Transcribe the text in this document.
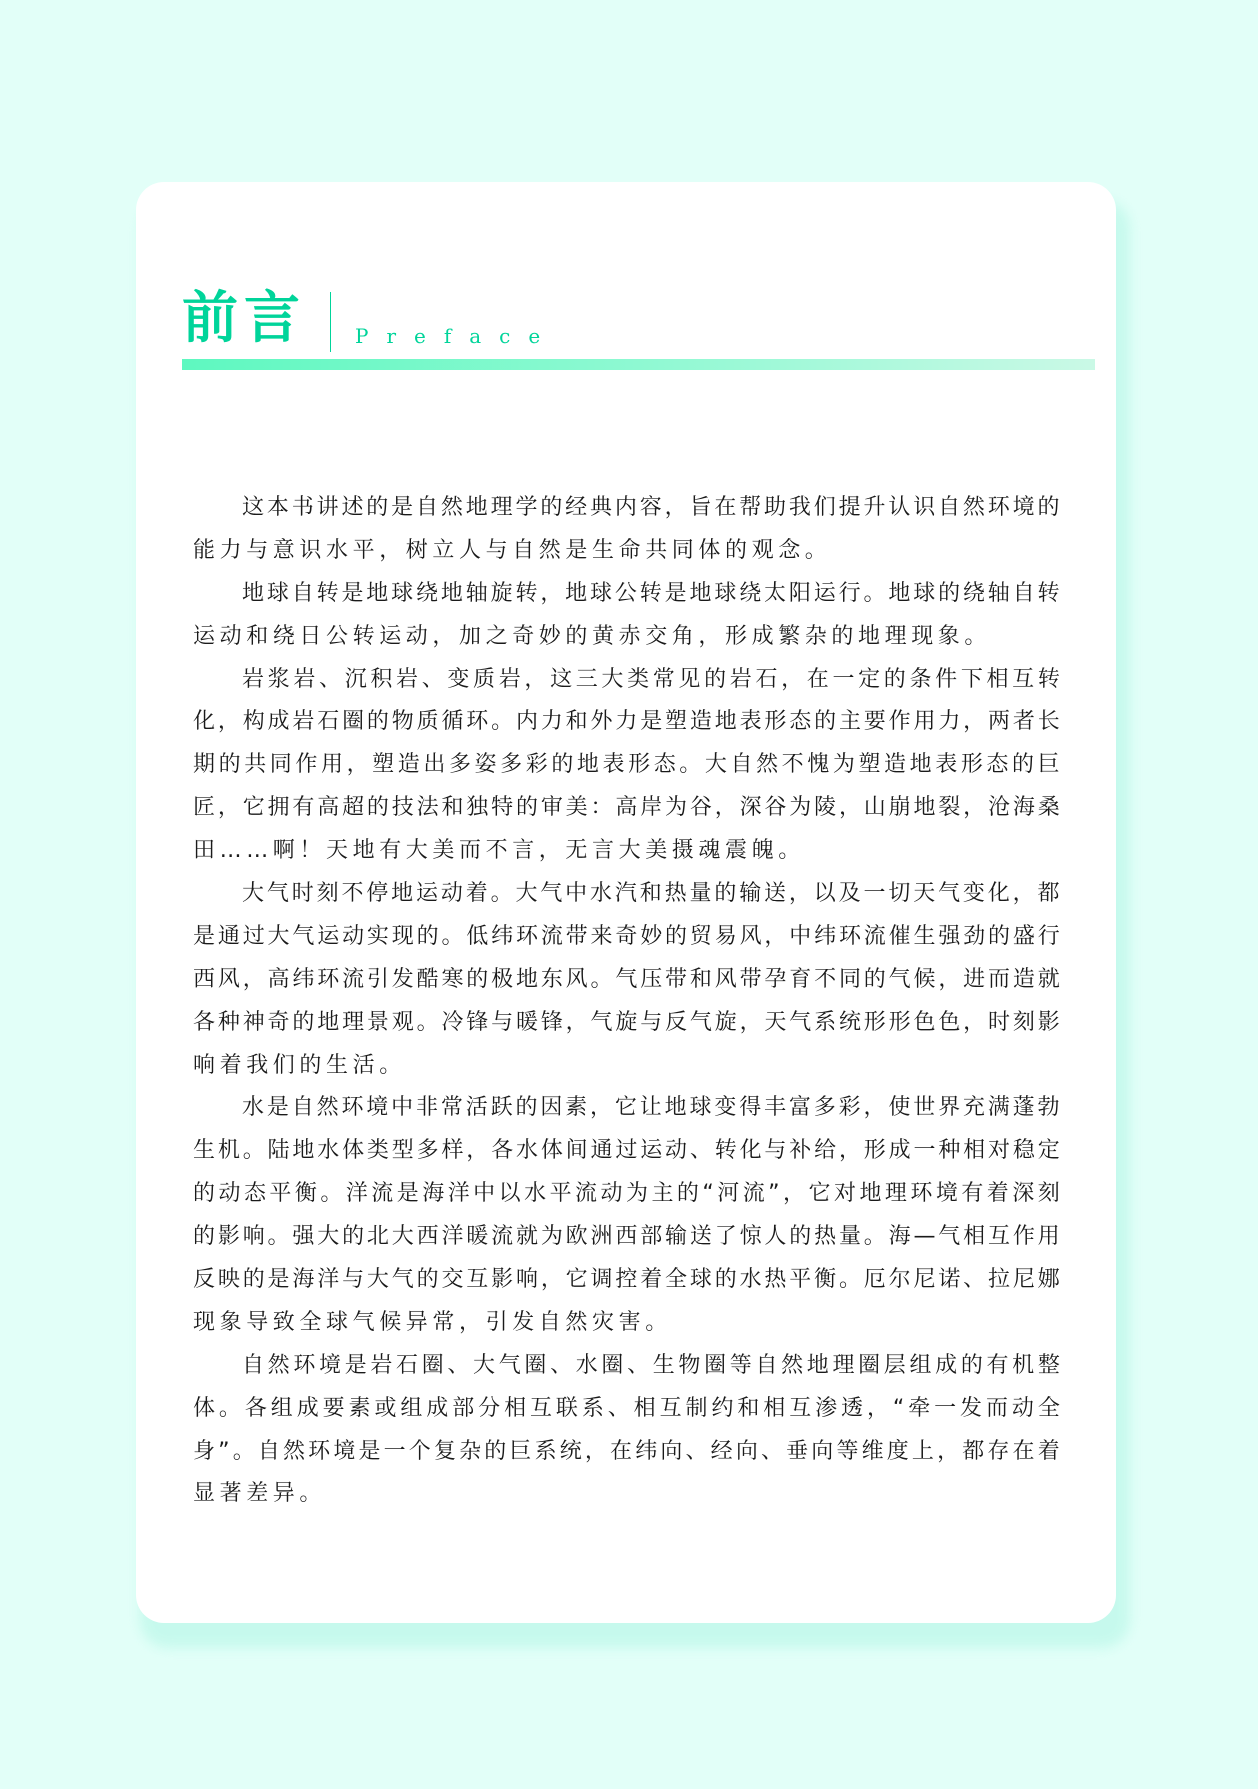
前言 Preface
这 本 书 讲 述 的 是 自 然 地 理 学 的 经 典 内 容 ， 旨 在 帮 助 我 们 提 升 认 识 自 然 环 境 的
能力与意识水平，树立人与自然是生命共同体的观念。
地 球 自 转 是 地 球 绕 地 轴 旋 转 ， 地 球 公 转 是 地 球 绕 太 阳 运 行 。 地 球 的 绕 轴 自 转
运动和绕日公转运动，加之奇妙的黄赤交角，形成繁杂的地理现象。
岩 浆 岩 、 沉 积 岩 、 变 质 岩 ， 这 三 大 类 常 见 的 岩 石 ， 在 一 定 的 条 件 下 相 互 转
化 ， 构 成 岩 石 圈 的 物 质 循 环 。 内 力 和 外 力 是 塑 造 地 表 形 态 的 主 要 作 用 力 ， 两 者 长
期 的 共 同 作 用 ， 塑 造 出 多 姿 多 彩 的 地 表 形 态 。 大 自 然 不 愧 为 塑 造 地 表 形 态 的 巨
匠 ， 它 拥 有 高 超 的 技 法 和 独 特 的 审 美 ： 高 岸 为 谷 ， 深 谷 为 陵 ， 山 崩 地 裂 ， 沧 海 桑
田……啊！天地有大美而不言，无言大美摄魂震魄。
大 气 时 刻 不 停 地 运 动 着 。 大 气 中 水 汽 和 热 量 的 输 送 ， 以 及 一 切 天 气 变 化 ， 都
是 通 过 大 气 运 动 实 现 的 。 低 纬 环 流 带 来 奇 妙 的 贸 易 风 ， 中 纬 环 流 催 生 强 劲 的 盛 行
西 风 ， 高 纬 环 流 引 发 酷 寒 的 极 地 东 风 。 气 压 带 和 风 带 孕 育 不 同 的 气 候 ， 进 而 造 就
各 种 神 奇 的 地 理 景 观 。 冷 锋 与 暖 锋 ， 气 旋 与 反 气 旋 ， 天 气 系 统 形 形 色 色 ， 时 刻 影
响着我们的生活。
水 是 自 然 环 境 中 非 常 活 跃 的 因 素 ， 它 让 地 球 变 得 丰 富 多 彩 ， 使 世 界 充 满 蓬 勃
生 机 。 陆 地 水 体 类 型 多 样 ， 各 水 体 间 通 过 运 动 、 转 化 与 补 给 ， 形 成 一 种 相 对 稳 定
的 动 态 平 衡 。 洋 流 是 海 洋 中 以 水 平 流 动 为 主 的 “ 河 流 ” ， 它 对 地 理 环 境 有 着 深 刻
的 影 响 。 强 大 的 北 大 西 洋 暖 流 就 为 欧 洲 西 部 输 送 了 惊 人 的 热 量 。 海 — 气 相 互 作 用
反 映 的 是 海 洋 与 大 气 的 交 互 影 响 ， 它 调 控 着 全 球 的 水 热 平 衡 。 厄 尔 尼 诺 、 拉 尼 娜
现象导致全球气候异常，引发自然灾害。
自 然 环 境 是 岩 石 圈 、 大 气 圈 、 水 圈 、 生 物 圈 等 自 然 地 理 圈 层 组 成 的 有 机 整
体 。 各 组 成 要 素 或 组 成 部 分 相 互 联 系 、 相 互 制 约 和 相 互 渗 透 ， “ 牵 一 发 而 动 全
身 ” 。 自 然 环 境 是 一 个 复 杂 的 巨 系 统 ， 在 纬 向 、 经 向 、 垂 向 等 维 度 上 ， 都 存 在 着
显著差异。
